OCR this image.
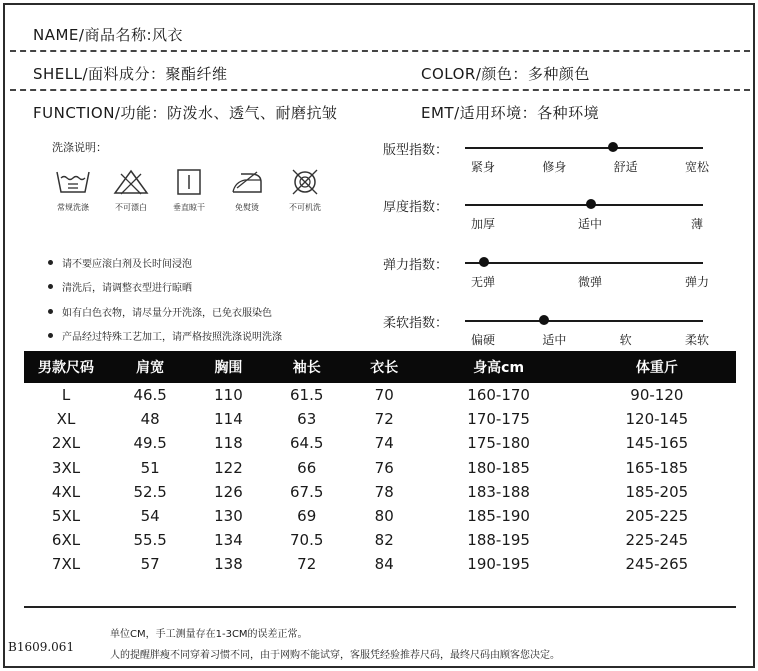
NAME/商品名称:风衣
SHELL/面料成分：聚酯纤维	COLOR/颜色：多种颜色
FUNCTION/功能：防泼水、透气、耐磨抗皱	EMT/适用环境：各种环境
洗涤说明：
常规洗涤	不可漂白	垂直晾干	免熨烫	不可机洗
请不要应滚白剂及长时间浸泡
清洗后，请调整衣型进行晾晒
如有白色衣物，请尽量分开洗涤，已免衣服染色
产品经过特殊工艺加工，请严格按照洗涤说明洗涤
版型指数：
紧身	修身	舒适	宽松
厚度指数：
加厚	适中	薄
弹力指数：
无弹	微弹	弹力
柔软指数：
偏硬	适中	软	柔软
男款尺码	肩宽	胸围	袖长	衣长	身高cm	体重斤
L	46.5	110	61.5	70	160-170	90-120
XL	48	114	63	72	170-175	120-145
2XL	49.5	118	64.5	74	175-180	145-165
3XL	51	122	66	76	180-185	165-185
4XL	52.5	126	67.5	78	183-188	185-205
5XL	54	130	69	80	185-190	205-225
6XL	55.5	134	70.5	82	188-195	225-245
7XL	57	138	72	84	190-195	245-265
单位CM，手工测量存在1-3CM的误差正常。
人的提醒胖瘦不同穿着习惯不同，由于网购不能试穿，客服凭经验推荐尺码，最终尺码由顾客您决定。
B1609.061
